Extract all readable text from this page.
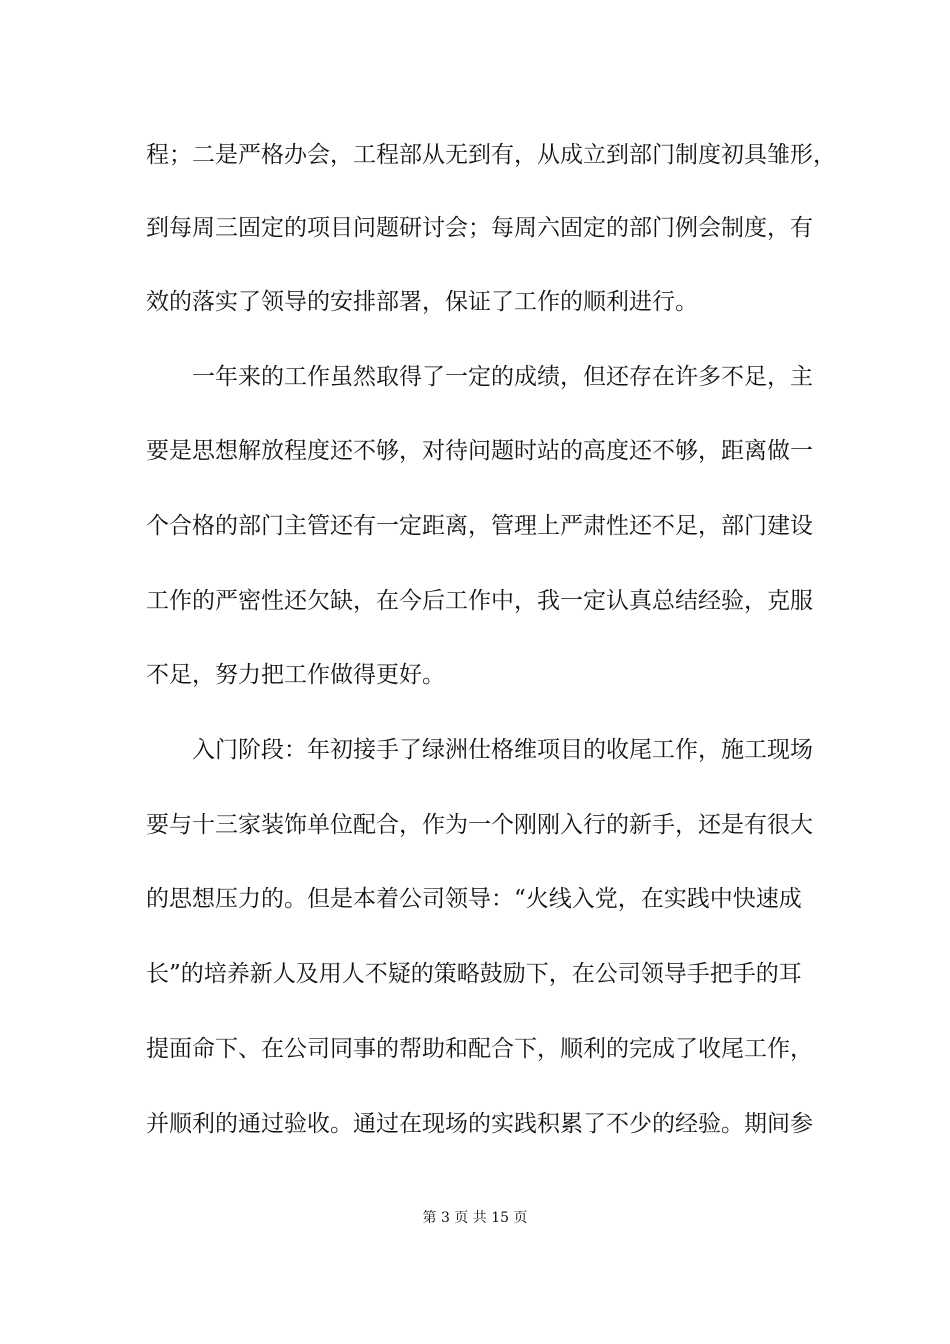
程；二是严格办会，工程部从无到有，从成立到部门制度初具雏形，
到每周三固定的项目问题研讨会；每周六固定的部门例会制度，有
效的落实了领导的安排部署，保证了工作的顺利进行。
　　一年来的工作虽然取得了一定的成绩，但还存在许多不足，主
要是思想解放程度还不够，对待问题时站的高度还不够，距离做一
个合格的部门主管还有一定距离，管理上严肃性还不足，部门建设
工作的严密性还欠缺，在今后工作中，我一定认真总结经验，克服
不足，努力把工作做得更好。
　　入门阶段：年初接手了绿洲仕格维项目的收尾工作，施工现场
要与十三家装饰单位配合，作为一个刚刚入行的新手，还是有很大
的思想压力的。但是本着公司领导：“火线入党，在实践中快速成
长”的培养新人及用人不疑的策略鼓励下，在公司领导手把手的耳
提面命下、在公司同事的帮助和配合下，顺利的完成了收尾工作，
并顺利的通过验收。通过在现场的实践积累了不少的经验。期间参
第 3 页 共 15 页
